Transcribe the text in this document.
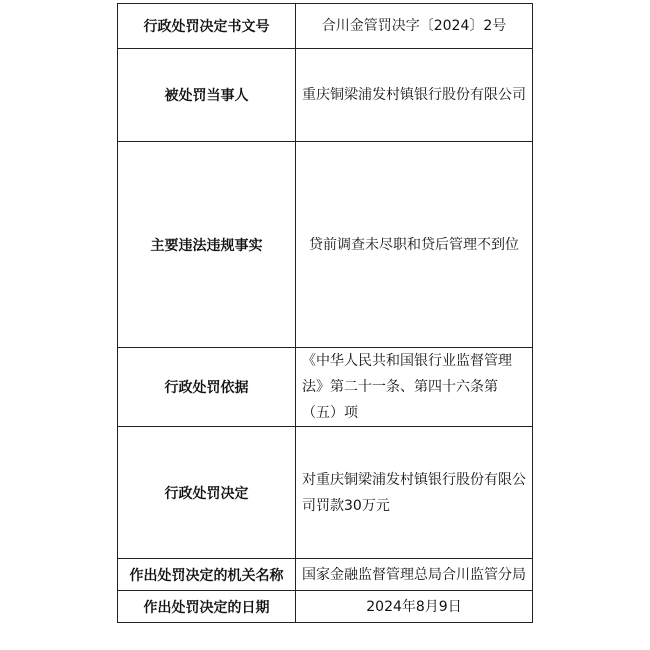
行政处罚决定书文号	合川金管罚决字〔2024〕2号
被处罚当事人	重庆铜梁浦发村镇银行股份有限公司
主要违法违规事实	贷前调查未尽职和贷后管理不到位
行政处罚依据	《中华人民共和国银行业监督管理法》第二十一条、第四十六条第（五）项
行政处罚决定	对重庆铜梁浦发村镇银行股份有限公司罚款30万元
作出处罚决定的机关名称	国家金融监督管理总局合川监管分局
作出处罚决定的日期	2024年8月9日
